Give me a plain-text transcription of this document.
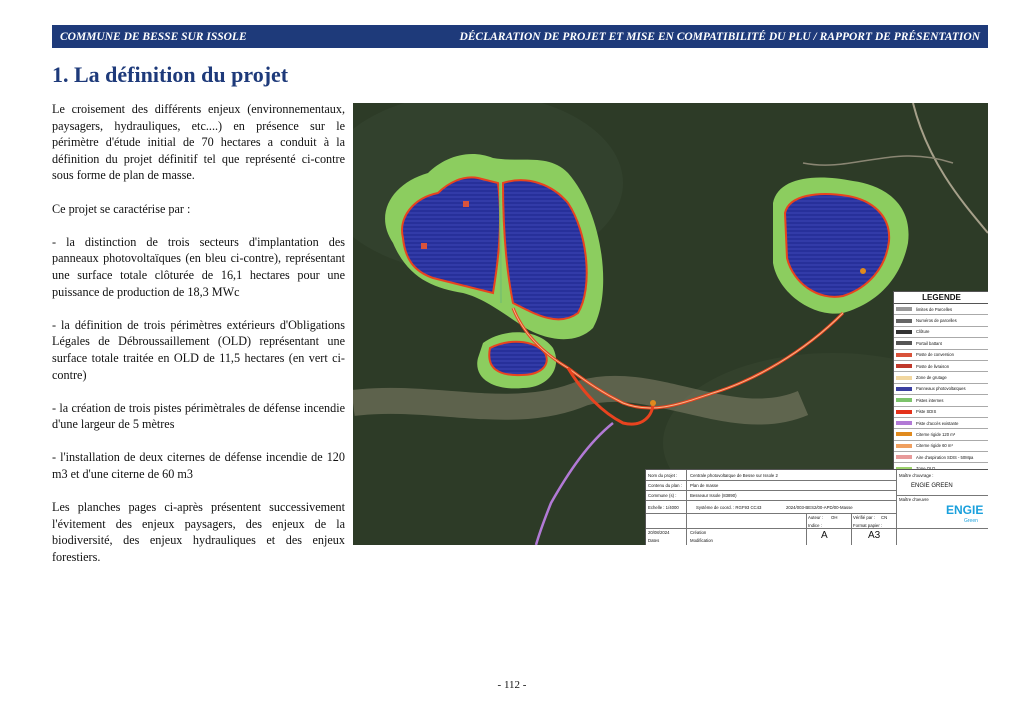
COMMUNE DE BESSE SUR ISSOLE	DÉCLARATION DE PROJET ET MISE EN COMPATIBILITÉ DU PLU / RAPPORT DE PRÉSENTATION
1. La définition du projet

Le croisement des différents enjeux (environnementaux, paysagers, hydrauliques, etc....) en présence sur le périmètre d'étude initial de 70 hectares a conduit à la définition du projet définitif tel que représenté ci-contre sous forme de plan de masse.

Ce projet se caractérise par :

- la distinction de trois secteurs d'implantation des panneaux photovoltaïques (en bleu ci-contre), représentant une surface totale clôturée de 16,1 hectares pour une puissance de production de 18,3 MWc

- la définition de trois périmètres extérieurs d'Obligations Légales de Débroussaillement (OLD) représentant une surface totale traitée en OLD de 11,5 hectares (en vert ci-contre)

- la création de trois pistes périmètrales de défense incendie d'une largeur de 5 mètres

- l'installation de deux citernes de défense incendie de 120 m3 et d'une citerne de 60 m3

Les planches pages ci-après présentent successivement l'évitement des enjeux paysagers, des enjeux de la biodiversité, des enjeux hydrauliques et des enjeux forestiers.

LEGENDE
limites de Parcelles
Numéros de parcelles
Clôture
Portail battant
Poste de conversion
Poste de livraison
Zone de grutage
Panneaux photovoltaïques
Pistes internes
Piste SDIS
Piste d'accès existante
Citerne rigide 120 m³
Citerne rigide 60 m³
Aire d'aspiration SDIS - 50Mpa
Nom du projet :	Centrale photovoltaïque de Besse sur Issole 2
Contenu du plan : Plan de masse
Commune (s) :	Besseaur Issole (83890)
Echelle : 1/4000	Système de coord. : RGF93 CC43	2024/003-BES2/00-APD/00-Masse
Auteur : OH	Vérifié par : CN
Indice :
A
Format papier :
A3
20/08/2024	Création
Dates	Modification
Maître d'ouvrage :
ENGIE GREEN
Maître d'oeuvre
ENGIE
Green
- 112 -
